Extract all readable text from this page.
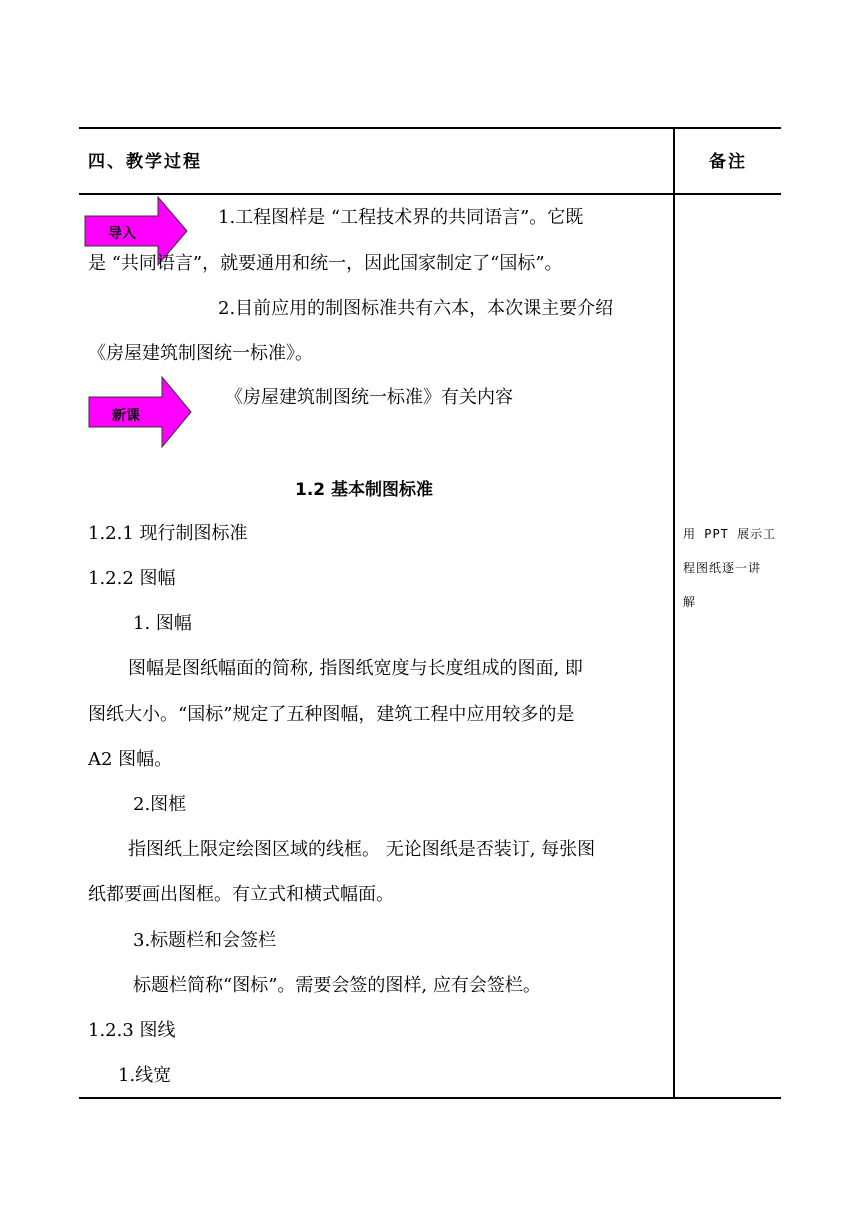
四、教学过程	备注
导入
新课
1.工程图样是 “工程技术界的共同语言”。它既
是 “共同语言”，就要通用和统一，因此国家制定了“国标”。
2.目前应用的制图标准共有六本，本次课主要介绍
《房屋建筑制图统一标准》。
《房屋建筑制图统一标准》有关内容
1.2 基本制图标准
1.2.1 现行制图标准
1.2.2 图幅
1. 图幅
图幅是图纸幅面的简称, 指图纸宽度与长度组成的图面, 即
图纸大小。“国标”规定了五种图幅，建筑工程中应用较多的是
A2 图幅。
2.图框
指图纸上限定绘图区域的线框。 无论图纸是否装订, 每张图
纸都要画出图框。有立式和横式幅面。
3.标题栏和会签栏
标题栏简称“图标”。需要会签的图样, 应有会签栏。
1.2.3 图线
1.线宽
用 PPT 展示工
程图纸逐一讲
解
